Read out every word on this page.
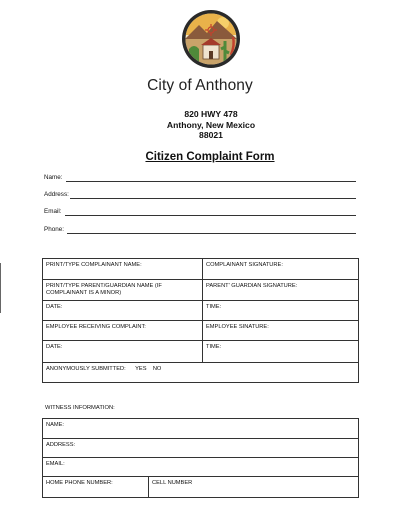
City of Anthony
820 HWY 478
Anthony, New Mexico
88021
Citizen Complaint Form
Name:
Address:
Email:
Phone:
PRINT/TYPE COMPLAINANT NAME:	COMPLAINANT SIGNATURE:
PRINT/TYPE PARENT/GUARDIAN NAME (IF COMPLAINANT IS A MINOR)	PARENT' GUARDIAN SIGNATURE:
DATE:	TIME:
EMPLOYEE RECEIVING COMPLAINT:	EMPLOYEE SINATURE:
DATE:	TIME:
ANONYMOUSLY SUBMITTED:      YES    NO	
WITNESS INFORMATION:
NAME:
ADDRESS:
EMAIL:
HOME PHONE NUMBER:	CELL NUMBER
